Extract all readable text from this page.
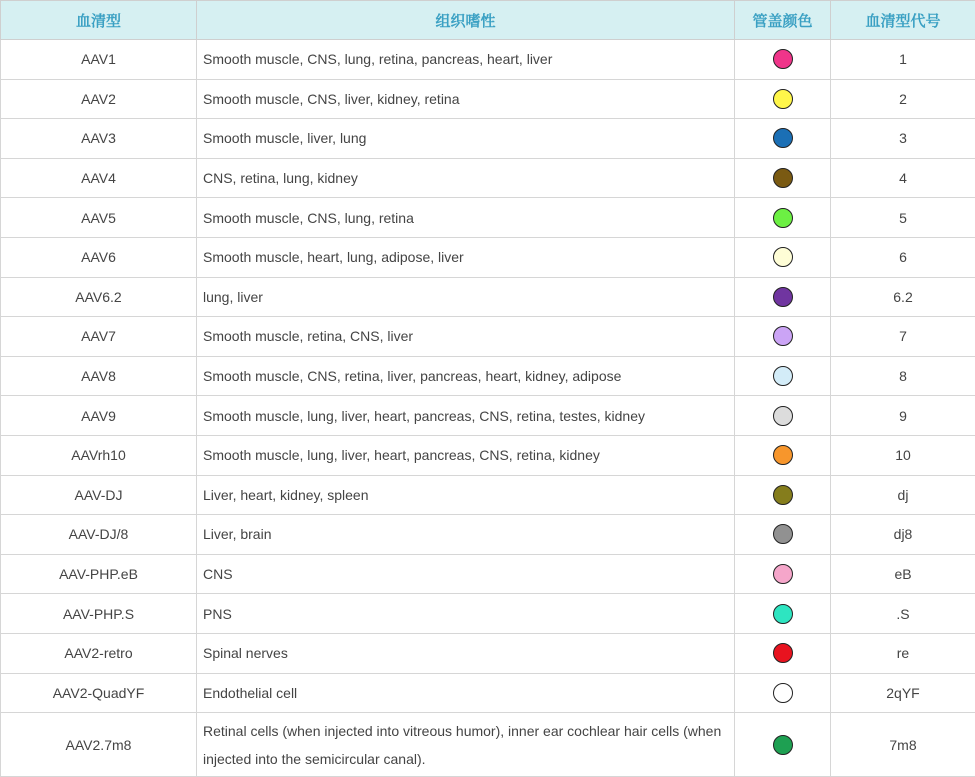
血清型	组织嗜性	管盖颜色	血清型代号
AAV1	Smooth muscle, CNS, lung, retina, pancreas, heart, liver		1
AAV2	Smooth muscle, CNS, liver, kidney, retina		2
AAV3	Smooth muscle, liver, lung		3
AAV4	CNS, retina, lung, kidney		4
AAV5	Smooth muscle, CNS, lung, retina		5
AAV6	Smooth muscle, heart, lung, adipose, liver		6
AAV6.2	lung, liver		6.2
AAV7	Smooth muscle, retina, CNS, liver		7
AAV8	Smooth muscle, CNS, retina, liver, pancreas, heart, kidney, adipose		8
AAV9	Smooth muscle, lung, liver, heart, pancreas, CNS, retina, testes, kidney		9
AAVrh10	Smooth muscle, lung, liver, heart, pancreas, CNS, retina, kidney		10
AAV-DJ	Liver, heart, kidney, spleen		dj
AAV-DJ/8	Liver, brain		dj8
AAV-PHP.eB	CNS		eB
AAV-PHP.S	PNS		.S
AAV2-retro	Spinal nerves		re
AAV2-QuadYF	Endothelial cell		2qYF
AAV2.7m8	Retinal cells (when injected into vitreous humor), inner ear cochlear hair cells (when injected into the semicircular canal).		7m8
